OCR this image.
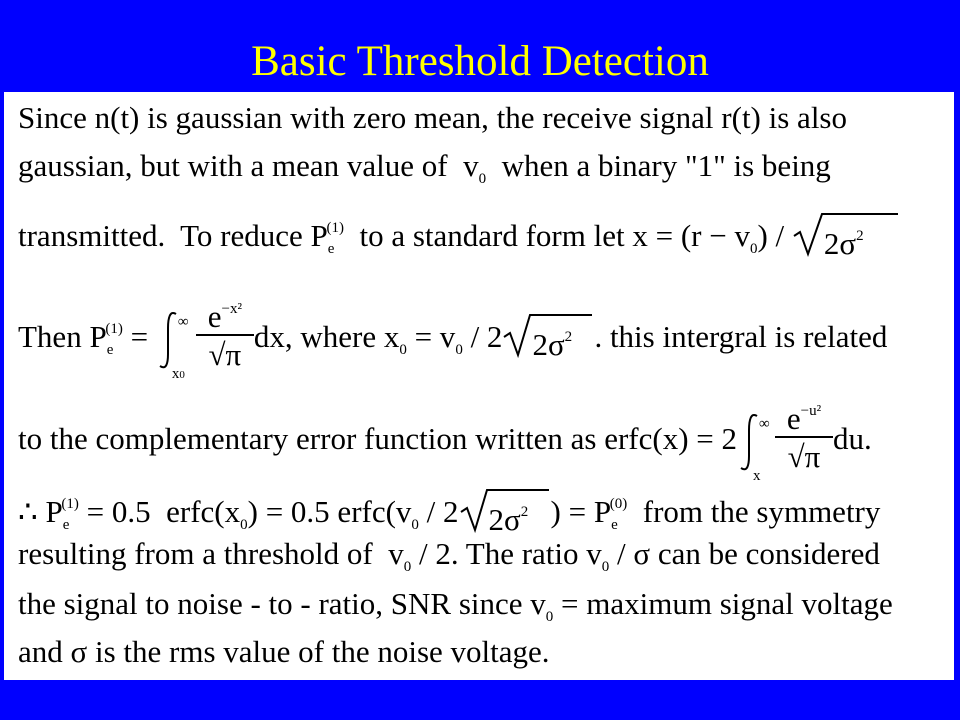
Basic Threshold Detection
Since n(t) is gaussian with zero mean, the receive signal r(t) is also
gaussian, but with a mean value of  $v_0$  when a binary "1" is being
transmitted.  To reduce $P_e^{(1)}$  to a standard form let $x = (r - v_0) / 2\sigma^2$
Then $P_e^{(1)}$ = ∞
x0
$\frac{e^{-x^2}}{√\pi}$ dx, where $x_0 = v_0 / 2$ $2\sigma^2$ . this intergral is related
to the complementary error function written as erfc(x) = 2 ∞
x $\frac{e^{-u^2}}{√\pi}$ du.
∴ $P_e^{(1)} = 0.5$  $erfc(x_0) = 0.5$ $erfc(v_0 / 2$ $2\sigma^2$ ) = $P_e^{(0)}$  from the symmetry
resulting from a threshold of  $v_0 / 2$. The ratio $v_0$ / σ can be considered
the signal to noise - to - ratio, SNR since $v_0$ = maximum signal voltage
and σ is the rms value of the noise voltage.
